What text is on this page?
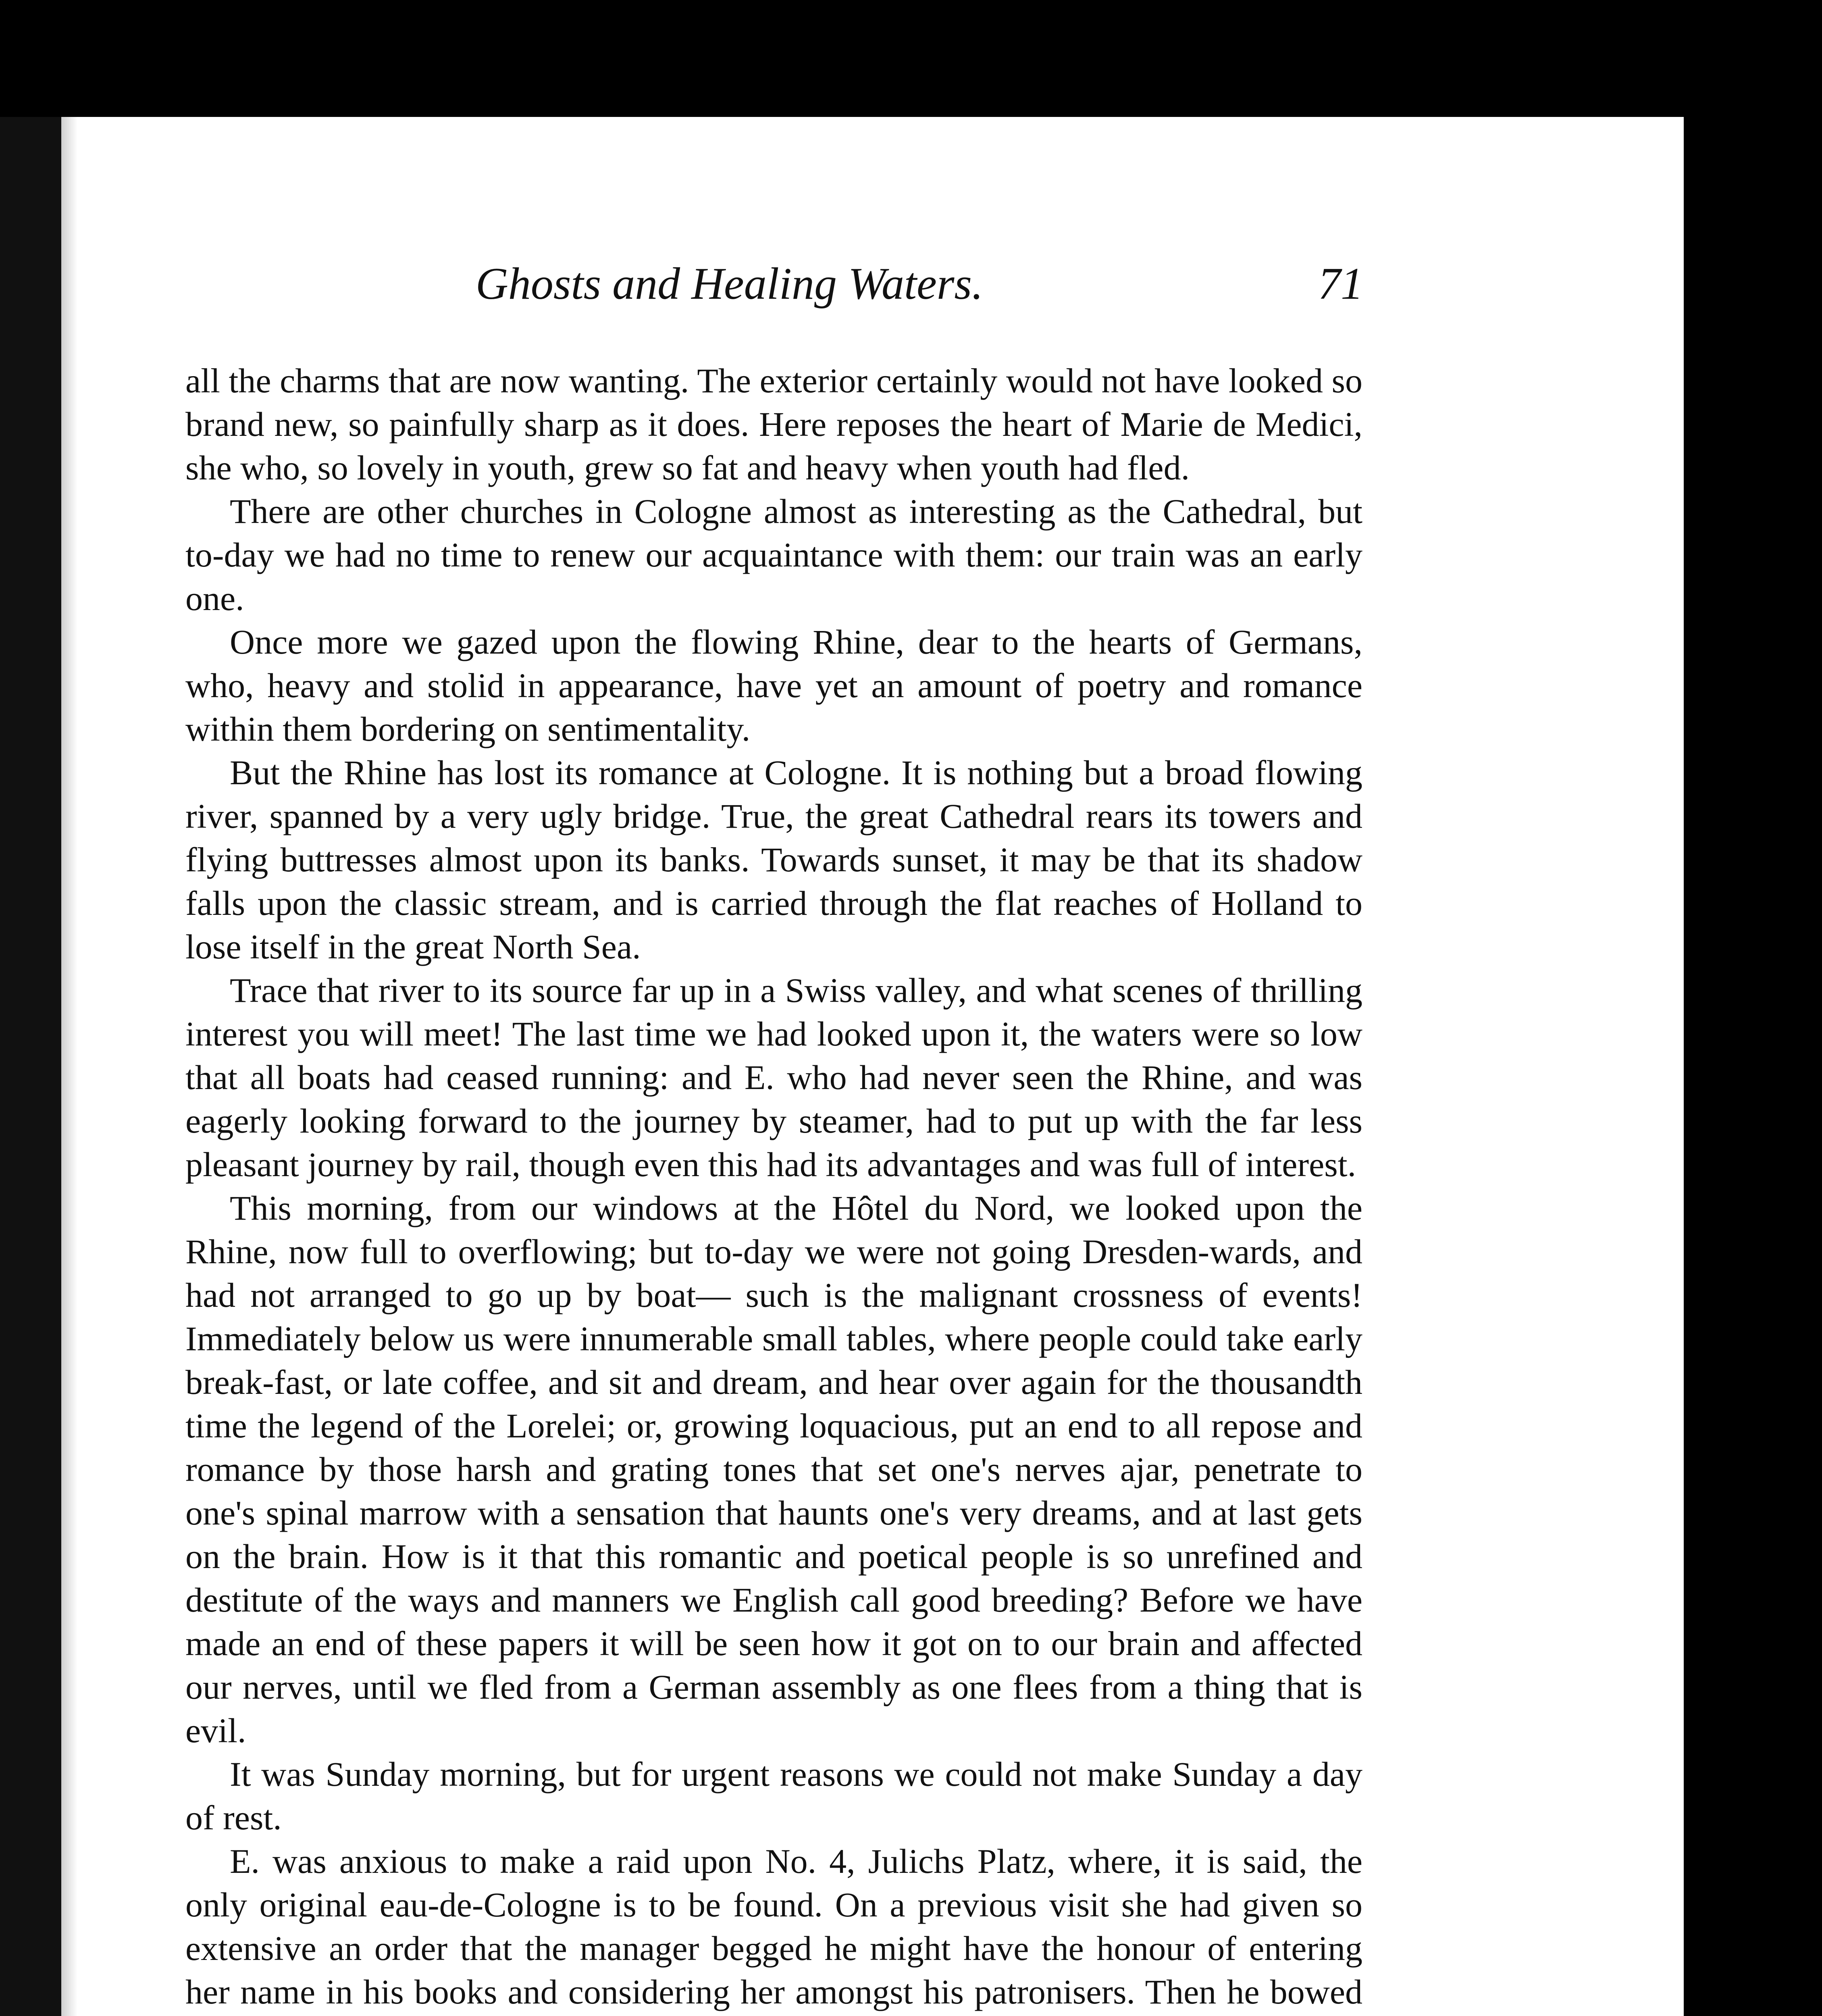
Ghosts and Healing Waters.	71

all the charms that are now wanting. The exterior certainly would not have looked so brand new, so painfully sharp as it does. Here reposes the heart of Marie de Medici, she who, so lovely in youth, grew so fat and heavy when youth had fled.

There are other churches in Cologne almost as interesting as the Cathedral, but to-day we had no time to renew our acquaintance with them: our train was an early one.

Once more we gazed upon the flowing Rhine, dear to the hearts of Germans, who, heavy and stolid in appearance, have yet an amount of poetry and romance within them bordering on sentimentality.

But the Rhine has lost its romance at Cologne. It is nothing but a broad flowing river, spanned by a very ugly bridge. True, the great Cathedral rears its towers and flying buttresses almost upon its banks. Towards sunset, it may be that its shadow falls upon the classic stream, and is carried through the flat reaches of Holland to lose itself in the great North Sea.

Trace that river to its source far up in a Swiss valley, and what scenes of thrilling interest you will meet! The last time we had looked upon it, the waters were so low that all boats had ceased running: and E. who had never seen the Rhine, and was eagerly looking forward to the journey by steamer, had to put up with the far less pleasant journey by rail, though even this had its advantages and was full of interest.

This morning, from our windows at the Hôtel du Nord, we looked upon the Rhine, now full to overflowing; but to-day we were not going Dresden-wards, and had not arranged to go up by boat— such is the malignant crossness of events! Immediately below us were innumerable small tables, where people could take early break-fast, or late coffee, and sit and dream, and hear over again for the thousandth time the legend of the Lorelei; or, growing loquacious, put an end to all repose and romance by those harsh and grating tones that set one's nerves ajar, penetrate to one's spinal marrow with a sensation that haunts one's very dreams, and at last gets on the brain. How is it that this romantic and poetical people is so unrefined and destitute of the ways and manners we English call good breeding? Before we have made an end of these papers it will be seen how it got on to our brain and affected our nerves, until we fled from a German assembly as one flees from a thing that is evil.

It was Sunday morning, but for urgent reasons we could not make Sunday a day of rest.

E. was anxious to make a raid upon No. 4, Julichs Platz, where, it is said, the only original eau-de-Cologne is to be found. On a previous visit she had given so extensive an order that the manager begged he might have the honour of entering her name in his books and considering her amongst his patronisers. Then he bowed
